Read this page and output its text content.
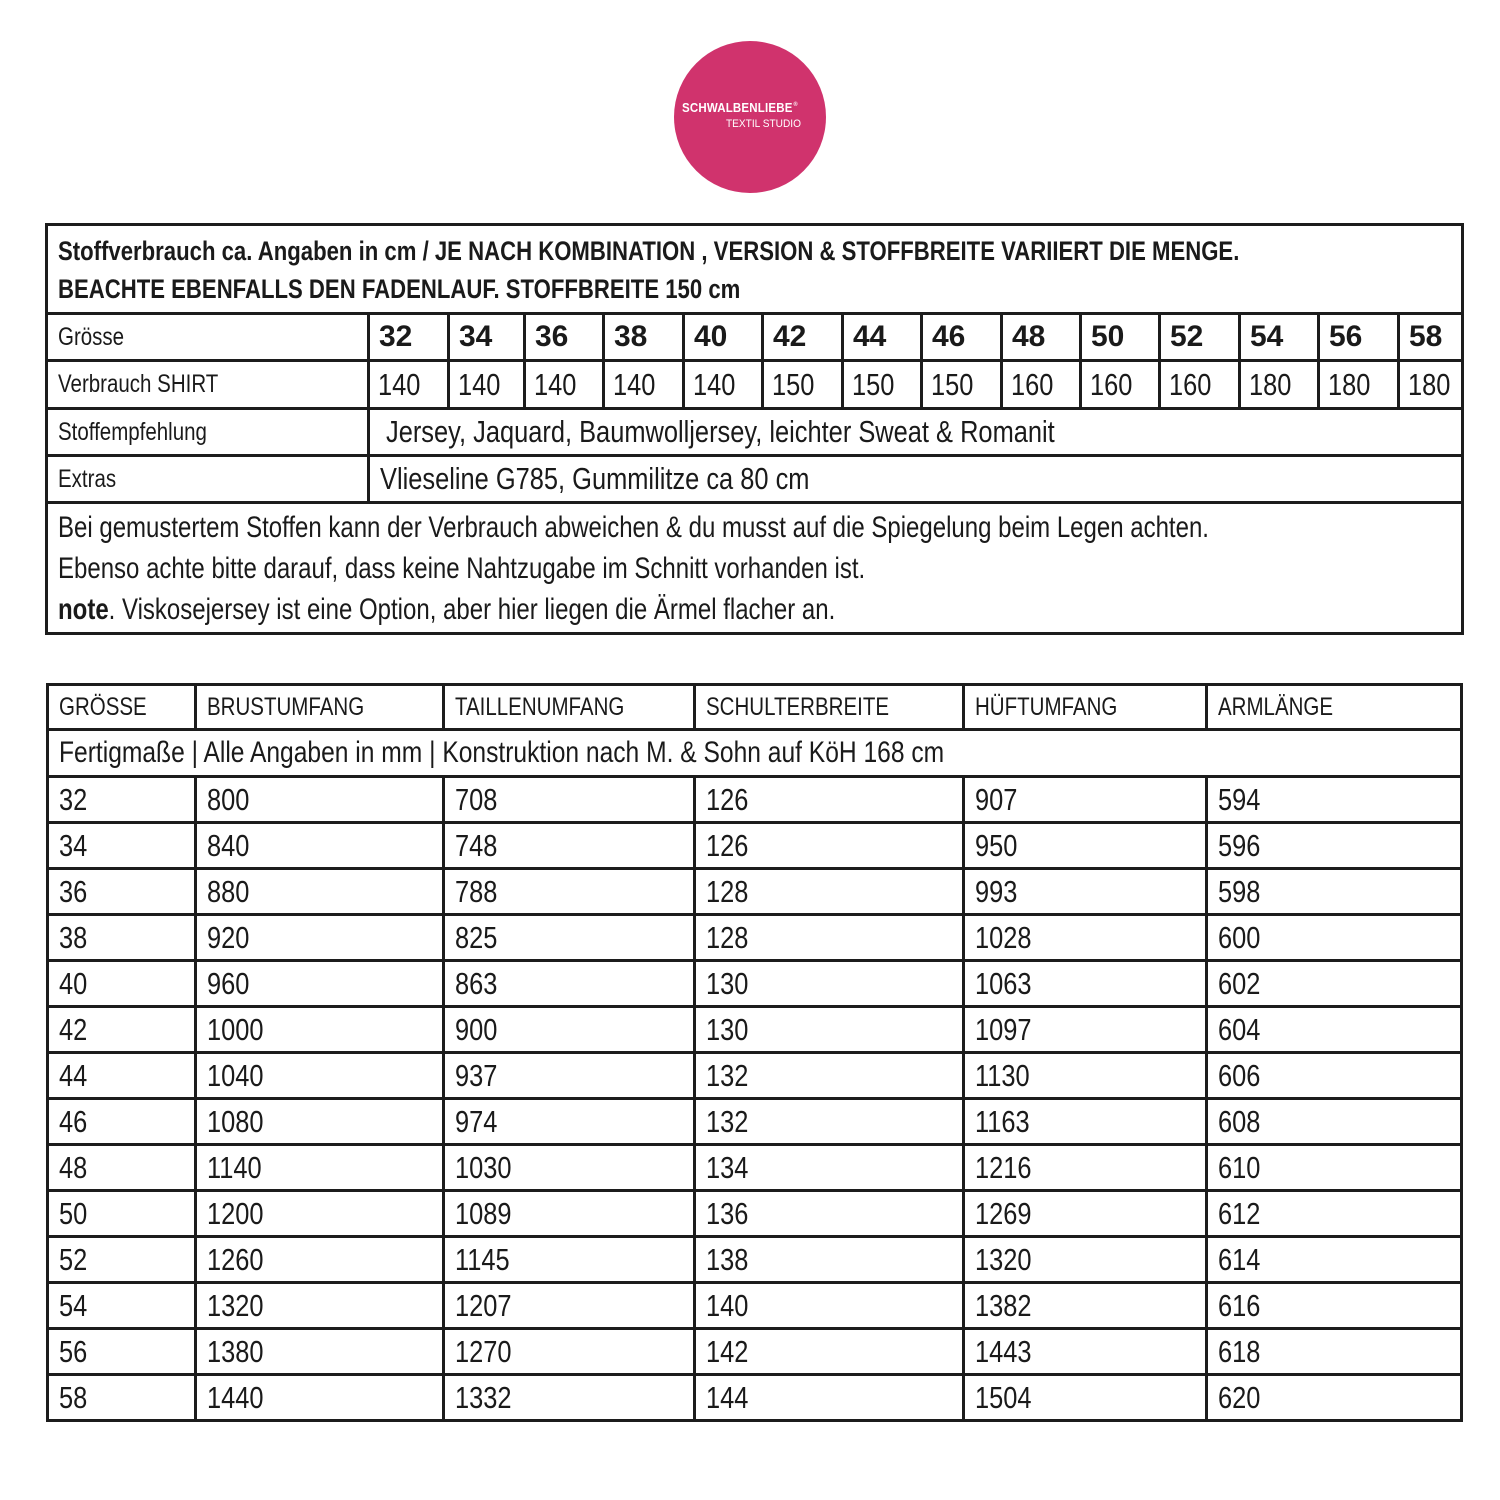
SCHWALBENLIEBE®
TEXTIL STUDIO
Stoffverbrauch ca. Angaben in cm / JE NACH KOMBINATION , VERSION & STOFFBREITE VARIIERT DIE MENGE.
BEACHTE EBENFALLS DEN FADENLAUF. STOFFBREITE 150 cm														

Grösse	32	34	36	38	40	42	44	46	48	50	52	54	56	58
Verbrauch SHIRT	140	140	140	140	140	150	150	150	160	160	160	180	180	180
Stoffempfehlung	Jersey, Jaquard, Baumwolljersey, leichter Sweat & Romanit													
Extras	Vlieseline G785, Gummilitze ca 80 cm													

Bei gemustertem Stoffen kann der Verbrauch abweichen & du musst auf die Spiegelung beim Legen achten.
Ebenso achte bitte darauf, dass keine Nahtzugabe im Schnitt vorhanden ist.
note. Viskosejersey ist eine Option, aber hier liegen die Ärmel flacher an.														
GRÖSSE	BRUSTUMFANG	TAILLENUMFANG	SCHULTERBREITE	HÜFTUMFANG	ARMLÄNGE
Fertigmaße | Alle Angaben in mm | Konstruktion nach M. & Sohn auf KöH 168 cm					
32	800	708	126	907	594
34	840	748	126	950	596
36	880	788	128	993	598
38	920	825	128	1028	600
40	960	863	130	1063	602
42	1000	900	130	1097	604
44	1040	937	132	1130	606
46	1080	974	132	1163	608
48	1140	1030	134	1216	610
50	1200	1089	136	1269	612
52	1260	1145	138	1320	614
54	1320	1207	140	1382	616
56	1380	1270	142	1443	618
58	1440	1332	144	1504	620
